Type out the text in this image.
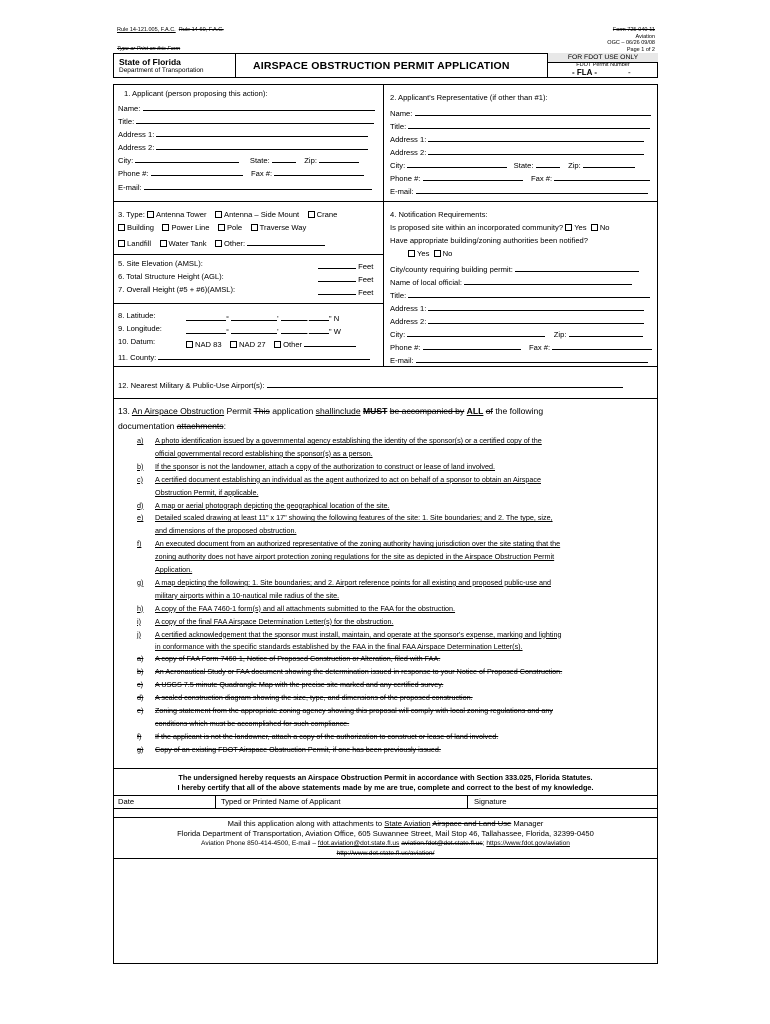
Rule 14-121.005, F.A.C. Rule 14-60, F.A.C.
Type or Print on this Form
Form 725-040-11
Aviation
OGC – 06/26 09/08
Page 1 of 2
State of Florida
Department of Transportation	AIRSPACE OBSTRUCTION PERMIT APPLICATION
FOR FDOT USE ONLY
FDOT Permit Number
- FLA -	-
1. Applicant (person proposing this action):
Name:
Title:
Address 1:
Address 2:
City:	State:	Zip:
Phone #:	Fax #:
E-mail:
2. Applicant's Representative (if other than #1):
Name:
Title:
Address 1:
Address 2:
City:	State:	Zip:
Phone #:	Fax #:
E-mail:
3. Type: Antenna Tower Antenna – Side Mount Crane
Building Power Line Pole Traverse Way
Landfill Water Tank Other:
5. Site Elevation (AMSL):	Feet
6. Total Structure Height (AGL):	Feet
7. Overall Height (#5 + #6)(AMSL):	Feet
8. Latitude:	°	'	.	" N
9. Longitude:	°	'	.	" W
10. Datum:	NAD 83 NAD 27 Other
11. County:
4. Notification Requirements:
Is proposed site within an incorporated community? Yes No
Have appropriate building/zoning authorities been notified?
Yes No
City/county requiring building permit:
Name of local official:
Title:
Address 1:
Address 2:
City:	Zip:
Phone #:	Fax #:
E-mail:
12. Nearest Military & Public-Use Airport(s):
13. An Airspace Obstruction Permit This application shallinclude MUST be accompanied by ALL of the following
documentation attachments:
a) A photo identification issued by a governmental agency establishing the identity of the sponsor(s) or a certified copy of the
official governmental record establishing the sponsor(s) as a person.
b) If the sponsor is not the landowner, attach a copy of the authorization to construct or lease of land involved.
c) A certified document establishing an individual as the agent authorized to act on behalf of a sponsor to obtain an Airspace
Obstruction Permit, if applicable.
d) A map or aerial photograph depicting the geographical location of the site.
e) Detailed scaled drawing at least 11" x 17" showing the following features of the site: 1. Site boundaries; and 2. The type, size,
and dimensions of the proposed obstruction.
f) An executed document from an authorized representative of the zoning authority having jurisdiction over the site stating that the
zoning authority does not have airport protection zoning regulations for the site as depicted in the Airspace Obstruction Permit
Application.
g) A map depicting the following: 1. Site boundaries; and 2. Airport reference points for all existing and proposed public-use and
military airports within a 10-nautical mile radius of the site.
h) A copy of the FAA 7460-1 form(s) and all attachments submitted to the FAA for the obstruction.
i) A copy of the final FAA Airspace Determination Letter(s) for the obstruction.
j) A certified acknowledgement that the sponsor must install, maintain, and operate at the sponsor's expense, marking and lighting
in conformance with the specific standards established by the FAA in the final FAA Airspace Determination Letter(s).
a) A copy of FAA Form 7460-1, Notice of Proposed Construction or Alteration, filed with FAA.
b) An Aeronautical Study or FAA document showing the determination issued in response to your Notice of Proposed Construction.
c) A USGS 7.5 minute Quadrangle Map with the precise site marked and any certified survey.
d) A scaled construction diagram showing the size, type, and dimensions of the proposed construction.
e) Zoning statement from the appropriate zoning agency showing this proposal will comply with local zoning regulations and any
conditions which must be accomplished for such compliance.
f) If the applicant is not the landowner, attach a copy of the authorization to construct or lease of land involved.
g) Copy of an existing FDOT Airspace Obstruction Permit, if one has been previously issued.
The undersigned hereby requests an Airspace Obstruction Permit in accordance with Section 333.025, Florida Statutes.
I hereby certify that all of the above statements made by me are true, complete and correct to the best of my knowledge.
Date	Typed or Printed Name of Applicant	Signature
Mail this application along with attachments to State Aviation Airspace and Land Use Manager
Florida Department of Transportation, Aviation Office, 605 Suwannee Street, Mail Stop 46, Tallahassee, Florida, 32399-0450
Aviation Phone 850-414-4500, E-mail – fdot.aviation@dot.state.fl.us aviation.fdot@dot.state.fl.us; https://www.fdot.gov/aviation
http://www.dot.state.fl.us/aviation/
